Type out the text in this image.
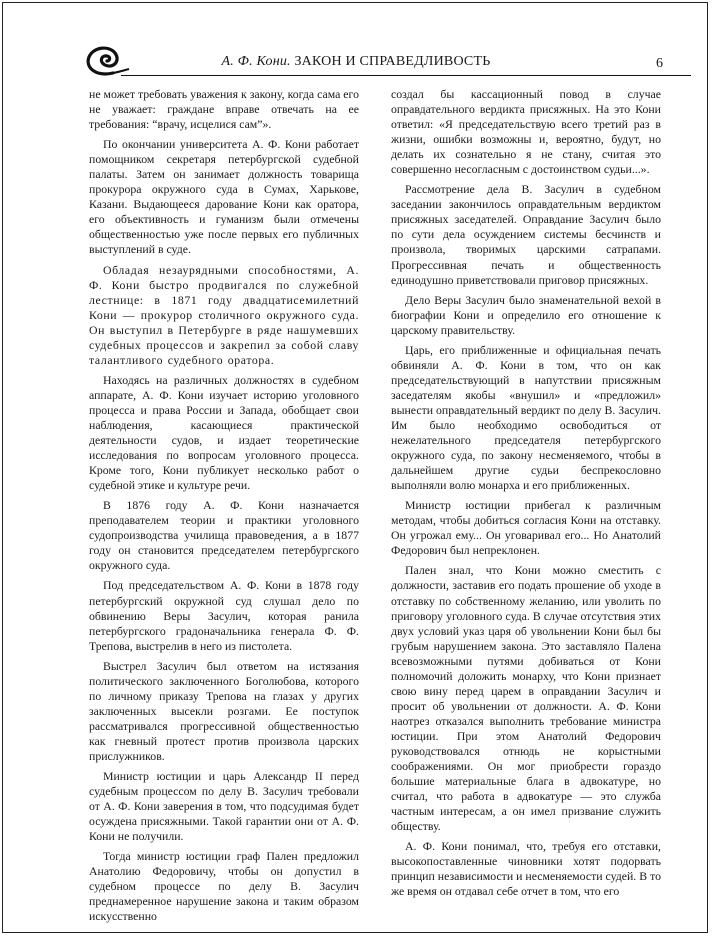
А. Ф. Кони. ЗАКОН И СПРАВЕДЛИВОСТЬ	6

не может требовать уважения к закону, когда сама его не уважает: граждане вправе отвечать на ее требования: “врачу, исцелися сам”».

По окончании университета А. Ф. Кони работает помощником секретаря петербургской судебной палаты. Затем он занимает должность товарища прокурора окружного суда в Сумах, Харькове, Казани. Выдающееся дарование Кони как оратора, его объективность и гуманизм были отмечены общественностью уже после первых его публичных выступлений в суде.

Обладая незаурядными способностями, А. Ф. Кони быстро продвигался по служебной лестнице: в 1871 году двадцатисемилетний Кони — прокурор столичного окружного суда. Он выступил в Петербурге в ряде нашумевших судебных процессов и закрепил за собой славу талантливого судебного оратора.

Находясь на различных должностях в судебном аппарате, А. Ф. Кони изучает историю уголовного процесса и права России и Запада, обобщает свои наблюдения, касающиеся практической деятельности судов, и издает теоретические исследования по вопросам уголовного процесса. Кроме того, Кони публикует несколько работ о судебной этике и культуре речи.

В 1876 году А. Ф. Кони назначается преподавателем теории и практики уголовного судопроизводства училища правоведения, а в 1877 году он становится председателем петербургского окружного суда.

Под председательством А. Ф. Кони в 1878 году петербургский окружной суд слушал дело по обвинению Веры Засулич, которая ранила петербургского градоначальника генерала Ф. Ф. Трепова, выстрелив в него из пистолета.

Выстрел Засулич был ответом на истязания политического заключенного Боголюбова, которого по личному приказу Трепова на глазах у других заключенных высекли розгами. Ее поступок рассматривался прогрессивной общественностью как гневный протест против произвола царских прислужников.

Министр юстиции и царь Александр II перед судебным процессом по делу В. Засулич требовали от А. Ф. Кони заверения в том, что подсудимая будет осуждена присяжными. Такой гарантии они от А. Ф. Кони не получили.

Тогда министр юстиции граф Пален предложил Анатолию Федоровичу, чтобы он допустил в судебном процессе по делу В. Засулич преднамеренное нарушение закона и таким образом искусственно

создал бы кассационный повод в случае оправдательного вердикта присяжных. На это Кони ответил: «Я председательствую всего третий раз в жизни, ошибки возможны и, вероятно, будут, но делать их сознательно я не стану, считая это совершенно несогласным с достоинством судьи...».

Рассмотрение дела В. Засулич в судебном заседании закончилось оправдательным вердиктом присяжных заседателей. Оправдание Засулич было по сути дела осуждением системы бесчинств и произвола, творимых царскими сатрапами. Прогрессивная печать и общественность единодушно приветствовали приговор присяжных.

Дело Веры Засулич было знаменательной вехой в биографии Кони и определило его отношение к царскому правительству.

Царь, его приближенные и официальная печать обвиняли А. Ф. Кони в том, что он как председательствующий в напутствии присяжным заседателям якобы «внушил» и «предложил» вынести оправдательный вердикт по делу В. Засулич. Им было необходимо освободиться от нежелательного председателя петербургского окружного суда, по закону несменяемого, чтобы в дальнейшем другие судьи беспрекословно выполняли волю монарха и его приближенных.

Министр юстиции прибегал к различным методам, чтобы добиться согласия Кони на отставку. Он угрожал ему... Он уговаривал его... Но Анатолий Федорович был непреклонен.

Пален знал, что Кони можно сместить с должности, заставив его подать прошение об уходе в отставку по собственному желанию, или уволить по приговору уголовного суда. В случае отсутствия этих двух условий указ царя об увольнении Кони был бы грубым нарушением закона. Это заставляло Палена всевозможными путями добиваться от Кони полномочий доложить монарху, что Кони признает свою вину перед царем в оправдании Засулич и просит об увольнении от должности. А. Ф. Кони наотрез отказался выполнить требование министра юстиции. При этом Анатолий Федорович руководствовался отнюдь не корыстными соображениями. Он мог приобрести гораздо большие материальные блага в адвокатуре, но считал, что работа в адвокатуре — это служба частным интересам, а он имел призвание служить обществу.

А. Ф. Кони понимал, что, требуя его отставки, высокопоставленные чиновники хотят подорвать принцип независимости и несменяемости судей. В то же время он отдавал себе отчет в том, что его
